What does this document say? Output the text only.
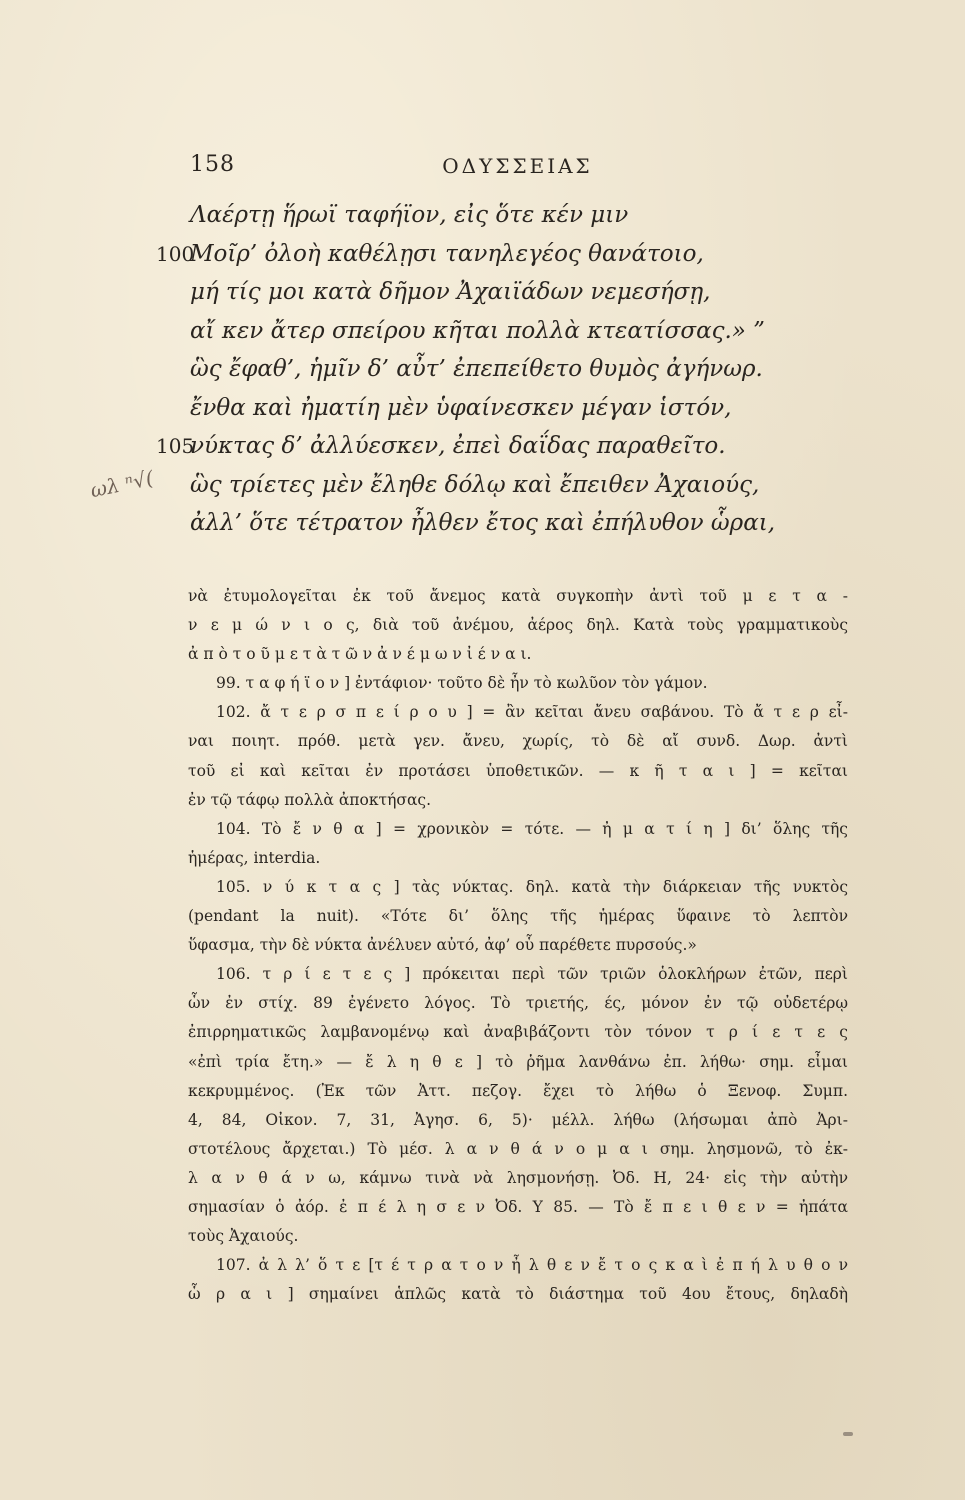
158	ΟΔΥΣΣΕΙΑΣ
ωλ ⁿ√(
Λαέρτῃ ἥρωϊ ταφήϊον, εἰς ὅτε κέν μιν
100
Μοῖρ’ ὀλοὴ καθέλῃσι τανηλεγέος θανάτοιο,
μή τίς μοι κατὰ δῆμον Ἀχαιϊάδων νεμεσήσῃ,
αἴ κεν ἄτερ σπείρου κῆται πολλὰ κτεατίσσας.» ”
ὣς ἔφαθ’, ἡμῖν δ’ αὖτ’ ἐπεπείθετο θυμὸς ἀγήνωρ.
ἔνθα καὶ ἠματίη μὲν ὑφαίνεσκεν μέγαν ἱστόν,
105
νύκτας δ’ ἀλλύεσκεν, ἐπεὶ δαΐδας παραθεῖτο.
ὣς τρίετες μὲν ἔληθε δόλῳ καὶ ἔπειθεν Ἀχαιούς,
ἀλλ’ ὅτε τέτρατον ἦλθεν ἔτος καὶ ἐπήλυθον ὧραι,
νὰ ἐτυμολογεῖται ἐκ τοῦ ἄνεμος κατὰ συγκοπὴν ἀντὶ τοῦ μ ε τ α -
ν ε μ ώ ν ι ο ς, διὰ τοῦ ἀνέμου, ἀέρος δηλ. Κατὰ τοὺς γραμματικοὺς
ἀ π ὸ τ ο ῦ μ ε τ ὰ τ ῶ ν ἀ ν έ μ ω ν ἰ έ ν α ι.
99. τ α φ ή ϊ ο ν ] ἐντάφιον· τοῦτο δὲ ἦν τὸ κωλῦον τὸν γάμον.
102. ἄ τ ε ρ σ π ε ί ρ ο υ ] = ἂν κεῖται ἄνευ σαβάνου. Τὸ ἄ τ ε ρ εἶ-
ναι ποιητ. πρόθ. μετὰ γεν. ἄνευ, χωρίς, τὸ δὲ αἴ συνδ. Δωρ. ἀντὶ
τοῦ εἰ καὶ κεῖται ἐν προτάσει ὑποθετικῶν. — κ ῆ τ α ι ] = κεῖται
ἐν τῷ τάφῳ πολλὰ ἀποκτήσας.
104. Τὸ ἔ ν θ α ] = χρονικὸν = τότε. — ἠ μ α τ ί η ] δι’ ὅλης τῆς
ἡμέρας, interdia.
105. ν ύ κ τ α ς ] τὰς νύκτας. δηλ. κατὰ τὴν διάρκειαν τῆς νυκτὸς
(pendant la nuit). «Τότε δι’ ὅλης τῆς ἡμέρας ὕφαινε τὸ λεπτὸν
ὕφασμα, τὴν δὲ νύκτα ἀνέλυεν αὐτό, ἀφ’ οὗ παρέθετε πυρσούς.»
106. τ ρ ί ε τ ε ς ] πρόκειται περὶ τῶν τριῶν ὁλοκλήρων ἐτῶν, περὶ
ὧν ἐν στίχ. 89 ἐγένετο λόγος. Τὸ τριετής, ές, μόνον ἐν τῷ οὐδετέρῳ
ἐπιρρηματικῶς λαμβανομένῳ καὶ ἀναβιβάζοντι τὸν τόνον τ ρ ί ε τ ε ς
«ἐπὶ τρία ἔτη.» — ἔ λ η θ ε ] τὸ ῥῆμα λανθάνω ἐπ. λήθω· σημ. εἶμαι
κεκρυμμένος. (Ἐκ τῶν Ἀττ. πεζογ. ἔχει τὸ λήθω ὁ Ξενοφ. Συμπ.
4, 84, Οἰκον. 7, 31, Ἀγησ. 6, 5)· μέλλ. λήθω (λήσωμαι ἀπὸ Ἀρι-
στοτέλους ἄρχεται.) Τὸ μέσ. λ α ν θ ά ν ο μ α ι σημ. λησμονῶ, τὸ ἐκ-
λ α ν θ ά ν ω, κάμνω τινὰ νὰ λησμονήσῃ. Ὀδ. Η, 24· εἰς τὴν αὐτὴν
σημασίαν ὁ ἀόρ. ἐ π έ λ η σ ε ν Ὀδ. Υ 85. — Τὸ ἔ π ε ι θ ε ν = ἠπάτα
τοὺς Ἀχαιούς.
107. ἀ λ λ’ ὅ τ ε [τ έ τ ρ α τ ο ν ἦ λ θ ε ν ἔ τ ο ς κ α ὶ ἐ π ή λ υ θ ο ν
ὧ ρ α ι ] σημαίνει ἁπλῶς κατὰ τὸ διάστημα τοῦ 4ου ἔτους, δηλαδὴ
